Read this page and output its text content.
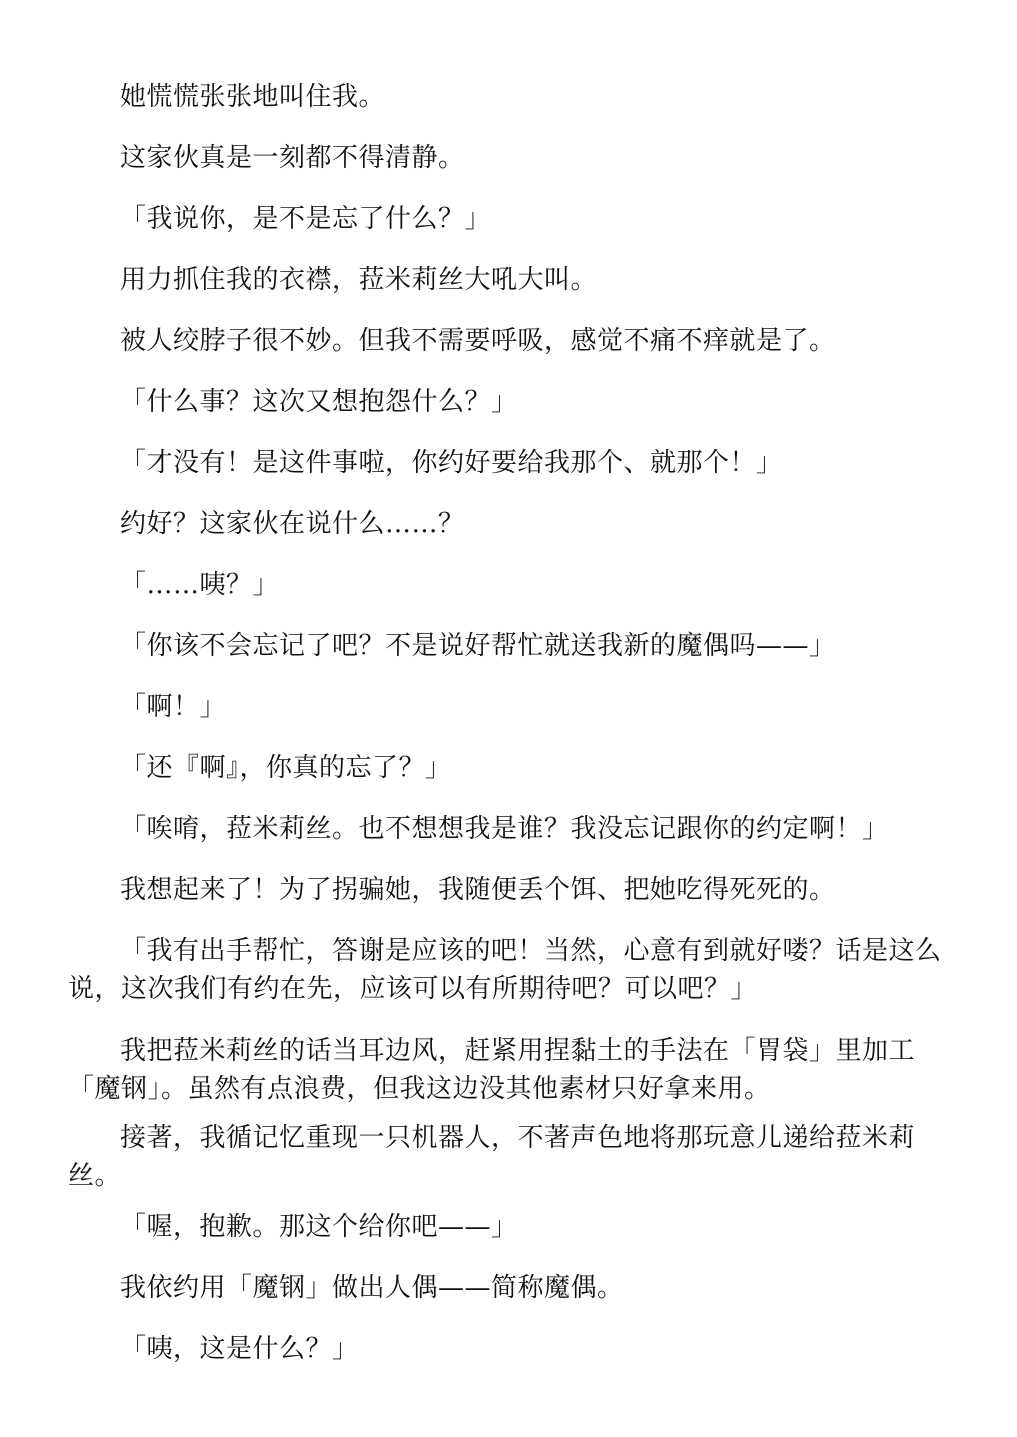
她慌慌张张地叫住我。

这家伙真是一刻都不得清静。

「我说你，是不是忘了什么？」

用力抓住我的衣襟，菈米莉丝大吼大叫。

被人绞脖子很不妙。但我不需要呼吸，感觉不痛不痒就是了。

「什么事？这次又想抱怨什么？」

「才没有！是这件事啦，你约好要给我那个、就那个！」

约好？这家伙在说什么……？

「……咦？」

「你该不会忘记了吧？不是说好帮忙就送我新的魔偶吗——」

「啊！」

「还『啊』，你真的忘了？」

「唉唷，菈米莉丝。也不想想我是谁？我没忘记跟你的约定啊！」

我想起来了！为了拐骗她，我随便丢个饵、把她吃得死死的。

「我有出手帮忙，答谢是应该的吧！当然，心意有到就好喽？话是这么说，这次我们有约在先，应该可以有所期待吧？可以吧？」

我把菈米莉丝的话当耳边风，赶紧用捏黏土的手法在「胃袋」里加工「魔钢」。虽然有点浪费，但我这边没其他素材只好拿来用。

接著，我循记忆重现一只机器人，不著声色地将那玩意儿递给菈米莉丝。

「喔，抱歉。那这个给你吧——」

我依约用「魔钢」做出人偶——简称魔偶。

「咦，这是什么？」
